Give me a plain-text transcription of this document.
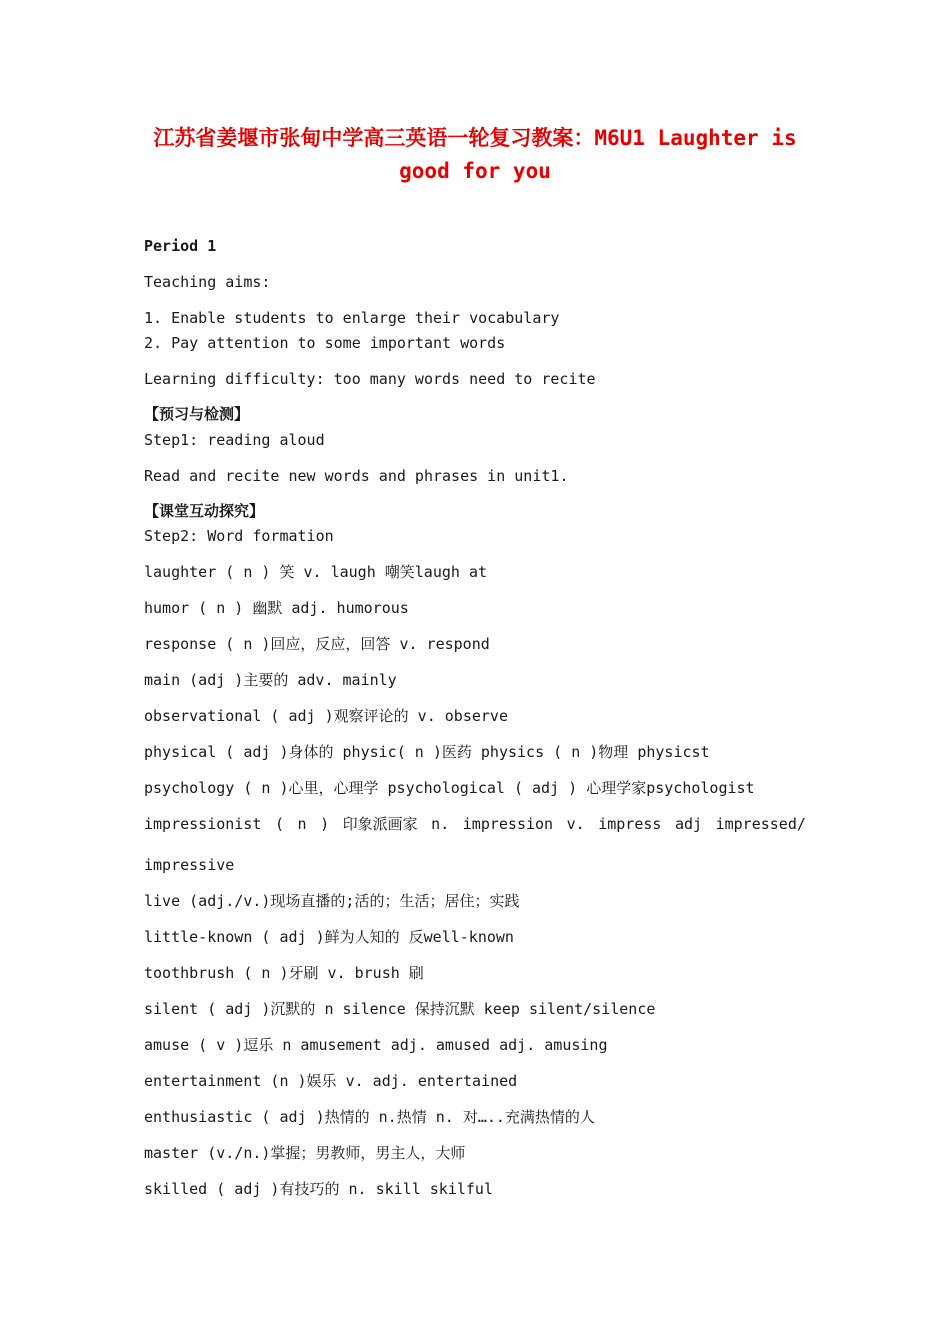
江苏省姜堰市张甸中学高三英语一轮复习教案：M6U1 Laughter is
good for you
Period 1
Teaching aims:
1. Enable students to enlarge their vocabulary
2. Pay attention to some important words
Learning difficulty: too many words need to recite
【预习与检测】
Step1: reading aloud
Read and recite new words and phrases in unit1.
【课堂互动探究】
Step2: Word formation
laughter ( n ) 笑 v. laugh 嘲笑laugh at
humor ( n ) 幽默 adj. humorous
response ( n )回应，反应，回答 v. respond
main (adj )主要的 adv. mainly
observational ( adj )观察评论的 v. observe
physical ( adj )身体的 physic( n )医药 physics ( n )物理 physicst
psychology ( n )心里，心理学 psychological ( adj ) 心理学家psychologist
impressionist ( n ) 印象派画家 n. impression v. impress adj impressed/
impressive
live (adj./v.)现场直播的;活的；生活；居住；实践
little-known ( adj )鲜为人知的 反well-known
toothbrush ( n )牙刷 v. brush 刷
silent ( adj )沉默的 n silence 保持沉默 keep silent/silence
amuse ( v )逗乐 n amusement adj. amused adj. amusing
entertainment (n )娱乐 v. adj. entertained
enthusiastic ( adj )热情的 n.热情 n. 对…..充满热情的人
master (v./n.)掌握；男教师，男主人，大师
skilled ( adj )有技巧的 n. skill skilful
